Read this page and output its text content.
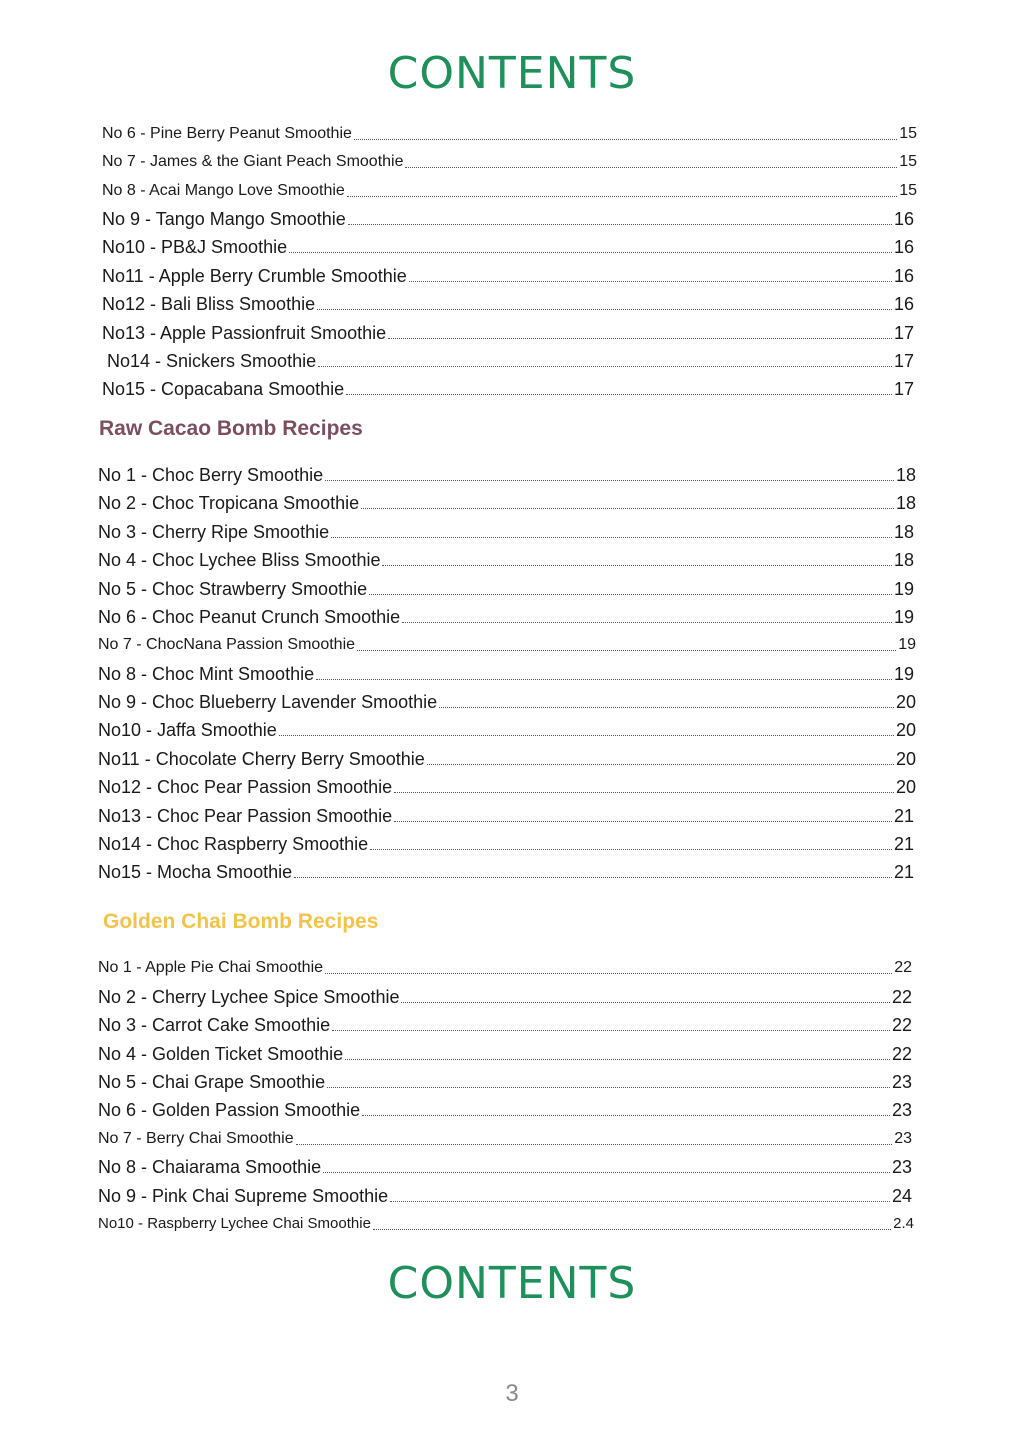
CONTENTS
No 6 - Pine Berry Peanut Smoothie	15
No 7 - James & the Giant Peach Smoothie	15
No 8 - Acai Mango Love Smoothie	15
No 9 - Tango Mango Smoothie	16
No10 - PB&J Smoothie	16
No11 - Apple Berry Crumble Smoothie	16
No12 - Bali Bliss Smoothie	16
No13 - Apple Passionfruit Smoothie	17
No14 - Snickers Smoothie	17
No15 - Copacabana Smoothie	17
Raw Cacao Bomb Recipes
No 1 - Choc Berry Smoothie	18
No 2 - Choc Tropicana Smoothie	18
No 3 - Cherry Ripe Smoothie	18
No 4 - Choc Lychee Bliss Smoothie	18
No 5 - Choc Strawberry Smoothie	19
No 6 - Choc Peanut Crunch Smoothie	19
No 7 - ChocNana Passion Smoothie	19
No 8 - Choc Mint Smoothie	19
No 9 - Choc Blueberry Lavender Smoothie	20
No10 - Jaffa Smoothie	20
No11 - Chocolate Cherry Berry Smoothie	20
No12 - Choc Pear Passion Smoothie	20
No13 - Choc Pear Passion Smoothie	21
No14 - Choc Raspberry Smoothie	21
No15 - Mocha Smoothie	21
Golden Chai Bomb Recipes
No 1 - Apple Pie Chai Smoothie	22
No 2 - Cherry Lychee Spice Smoothie	22
No 3 - Carrot Cake Smoothie	22
No 4 - Golden Ticket Smoothie	22
No 5 - Chai Grape Smoothie	23
No 6 - Golden Passion Smoothie	23
No 7 - Berry Chai Smoothie	23
No 8 - Chaiarama Smoothie	23
No 9 - Pink Chai Supreme Smoothie	24
No10 - Raspberry Lychee Chai Smoothie	2.4
CONTENTS
3
